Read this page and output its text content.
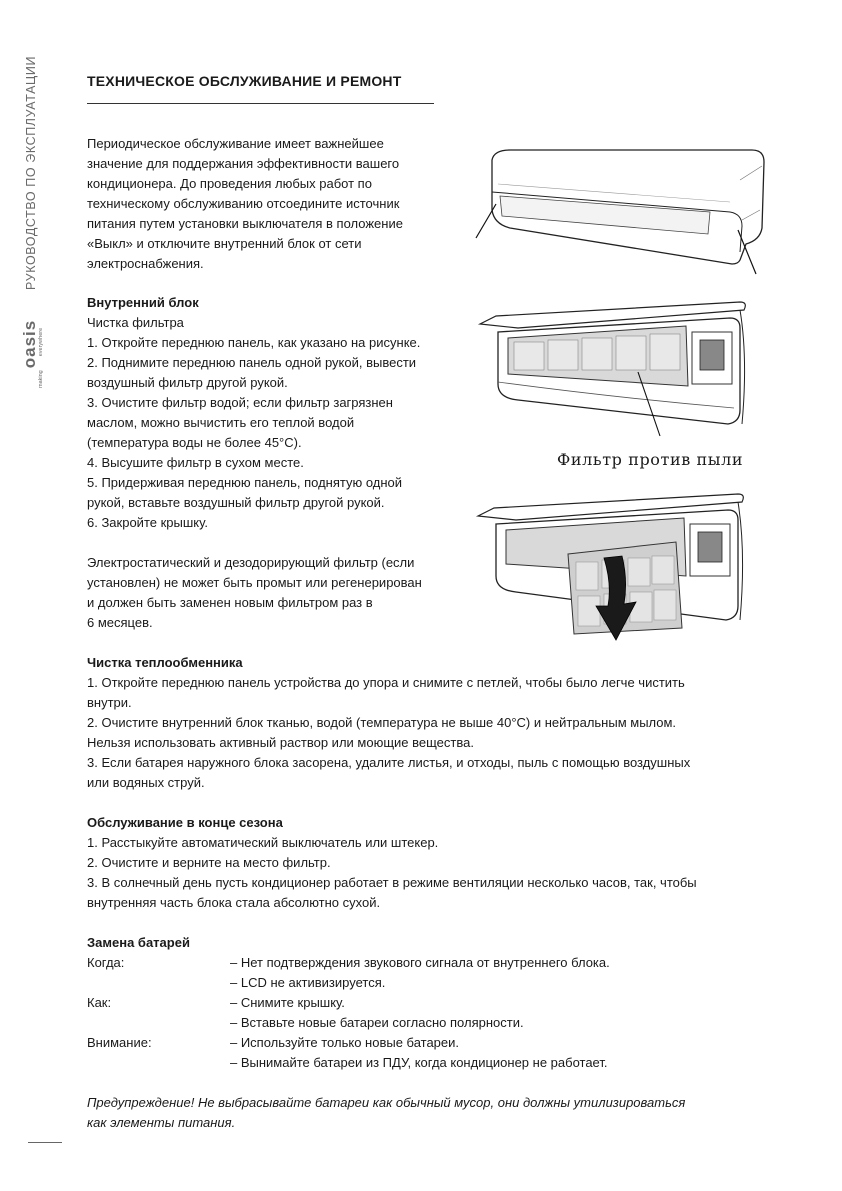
РУКОВОДСТВО ПО ЭКСПЛУАТАЦИИ
making
oasis everywhere
ТЕХНИЧЕСКОЕ ОБСЛУЖИВАНИЕ И РЕМОНТ
Периодическое обслуживание имеет важнейшее
значение для поддержания эффективности вашего
кондиционера. До проведения любых работ по
техническому обслуживанию отсоедините источник
питания путем установки выключателя в положение
«Выкл» и отключите внутренний блок от сети
электроснабжения.
Внутренний блок
Чистка фильтра
1. Откройте переднюю панель, как указано на рисунке.
2. Поднимите переднюю панель одной рукой, вывести
воздушный фильтр другой рукой.
3. Очистите фильтр водой; если фильтр загрязнен
маслом, можно вычистить его теплой водой
(температура воды не более 45°С).
4. Высушите фильтр в сухом месте.
5. Придерживая переднюю панель, поднятую одной
рукой, вставьте воздушный фильтр другой рукой.
6. Закройте крышку.
Электростатический и дезодорирующий фильтр (если
установлен) не может быть промыт или регенерирован
и должен быть заменен новым фильтром раз в
6 месяцев.
Фильтр против пыли
Чистка теплообменника
1. Откройте переднюю панель устройства до упора и снимите с петлей, чтобы было легче чистить
внутри.
2. Очистите внутренний блок тканью, водой (температура не выше 40°С) и нейтральным мылом.
Нельзя использовать активный раствор или моющие вещества.
3. Если батарея наружного блока засорена, удалите листья, и отходы, пыль с помощью воздушных
или водяных струй.
Обслуживание в конце сезона
1. Расстыкуйте автоматический выключатель или штекер.
2. Очистите и верните на место фильтр.
3. В солнечный день пусть кондиционер работает в режиме вентиляции несколько часов, так, чтобы
внутренняя часть блока стала абсолютно сухой.
Замена батарей
Когда:	– Нет подтверждения звукового сигнала от внутреннего блока.
– LCD не активизируется.
Как:	– Снимите крышку.
– Вставьте новые батареи согласно полярности.
Внимание:	– Используйте только новые батареи.
– Вынимайте батареи из ПДУ, когда кондиционер не работает.
Предупреждение! Не выбрасывайте батареи как обычный мусор, они должны утилизироваться
как элементы питания.
